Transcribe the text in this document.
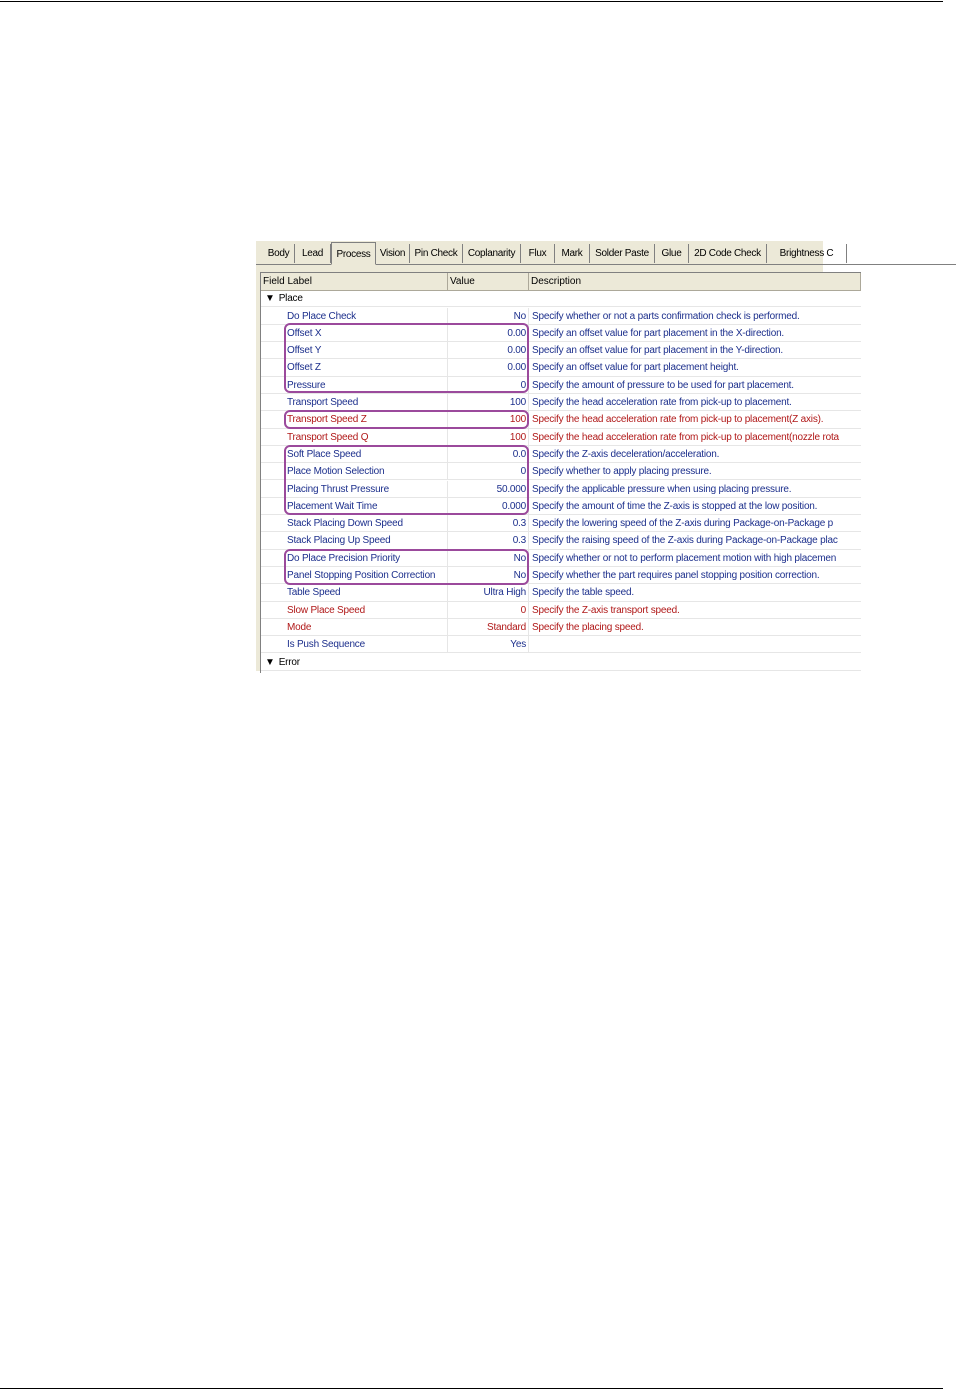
Body	Lead	Process Vision Pin Check	Coplanarity	Flux	Mark	Solder Paste	Glue	2D Code Check	Brightness C
Field Label	Value	Description
▼ Place
Do Place Check	No Specify whether or not a parts confirmation check is performed.
Offset X	0.00 Specify an offset value for part placement in the X-direction.
Offset Y	0.00 Specify an offset value for part placement in the Y-direction.
Offset Z	0.00 Specify an offset value for part placement height.
Pressure	0 Specify the amount of pressure to be used for part placement.
Transport Speed	100 Specify the head acceleration rate from pick-up to placement.
Transport Speed Z	100 Specify the head acceleration rate from pick-up to placement(Z axis).
Transport Speed Q	100 Specify the head acceleration rate from pick-up to placement(nozzle rota
Soft Place Speed	0.0 Specify the Z-axis deceleration/acceleration.
Place Motion Selection	0 Specify whether to apply placing pressure.
Placing Thrust Pressure	50.000 Specify the applicable pressure when using placing pressure.
Placement Wait Time	0.000 Specify the amount of time the Z-axis is stopped at the low position.
Stack Placing Down Speed	0.3 Specify the lowering speed of the Z-axis during Package-on-Package p
Stack Placing Up Speed	0.3 Specify the raising speed of the Z-axis during Package-on-Package plac
Do Place Precision Priority	No Specify whether or not to perform placement motion with high placemen
Panel Stopping Position Correction	No Specify whether the part requires panel stopping position correction.
Table Speed	Ultra High Specify the table speed.
Slow Place Speed	0 Specify the Z-axis transport speed.
Mode	Standard Specify the placing speed.
Is Push Sequence	Yes
▼ Error
